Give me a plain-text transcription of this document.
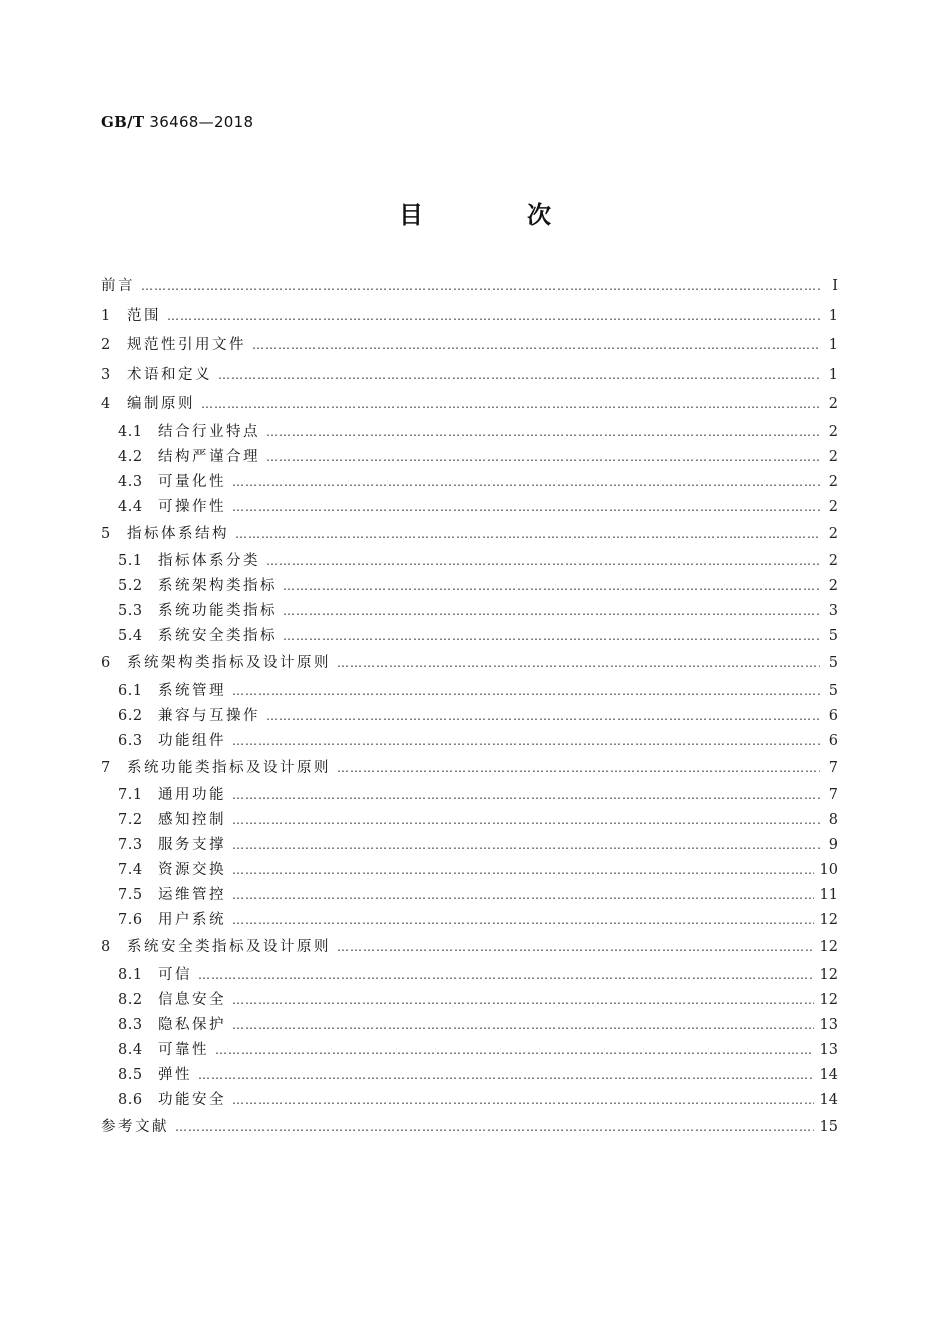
GB/T 36468—2018
目　次
前言 …………………………………………………………………………………………………………………………………………………………………………………………………………………………………	Ⅰ
1	范围 …………………………………………………………………………………………………………………………………………………………………………………………………………………………………	1
2	规范性引用文件 …………………………………………………………………………………………………………………………………………………………………………………………………………………………………	1
3	术语和定义 …………………………………………………………………………………………………………………………………………………………………………………………………………………………………	1
4	编制原则 …………………………………………………………………………………………………………………………………………………………………………………………………………………………………	2
4.1	结合行业特点 …………………………………………………………………………………………………………………………………………………………………………………………………………………………………	2
4.2	结构严谨合理 …………………………………………………………………………………………………………………………………………………………………………………………………………………………………	2
4.3	可量化性 …………………………………………………………………………………………………………………………………………………………………………………………………………………………………	2
4.4	可操作性 …………………………………………………………………………………………………………………………………………………………………………………………………………………………………	2
5	指标体系结构 …………………………………………………………………………………………………………………………………………………………………………………………………………………………………	2
5.1	指标体系分类 …………………………………………………………………………………………………………………………………………………………………………………………………………………………………	2
5.2	系统架构类指标 …………………………………………………………………………………………………………………………………………………………………………………………………………………………………	2
5.3	系统功能类指标 …………………………………………………………………………………………………………………………………………………………………………………………………………………………………	3
5.4	系统安全类指标 …………………………………………………………………………………………………………………………………………………………………………………………………………………………………	5
6	系统架构类指标及设计原则 …………………………………………………………………………………………………………………………………………………………………………………………………………………………………	5
6.1	系统管理 …………………………………………………………………………………………………………………………………………………………………………………………………………………………………	5
6.2	兼容与互操作 …………………………………………………………………………………………………………………………………………………………………………………………………………………………………	6
6.3	功能组件 …………………………………………………………………………………………………………………………………………………………………………………………………………………………………	6
7	系统功能类指标及设计原则 …………………………………………………………………………………………………………………………………………………………………………………………………………………………………	7
7.1	通用功能 …………………………………………………………………………………………………………………………………………………………………………………………………………………………………	7
7.2	感知控制 …………………………………………………………………………………………………………………………………………………………………………………………………………………………………	8
7.3	服务支撑 …………………………………………………………………………………………………………………………………………………………………………………………………………………………………	9
7.4	资源交换 …………………………………………………………………………………………………………………………………………………………………………………………………………………………………	10
7.5	运维管控 …………………………………………………………………………………………………………………………………………………………………………………………………………………………………	11
7.6	用户系统 …………………………………………………………………………………………………………………………………………………………………………………………………………………………………	12
8	系统安全类指标及设计原则 …………………………………………………………………………………………………………………………………………………………………………………………………………………………………	12
8.1	可信 …………………………………………………………………………………………………………………………………………………………………………………………………………………………………	12
8.2	信息安全 …………………………………………………………………………………………………………………………………………………………………………………………………………………………………	12
8.3	隐私保护 …………………………………………………………………………………………………………………………………………………………………………………………………………………………………	13
8.4	可靠性 …………………………………………………………………………………………………………………………………………………………………………………………………………………………………	13
8.5	弹性 …………………………………………………………………………………………………………………………………………………………………………………………………………………………………	14
8.6	功能安全 …………………………………………………………………………………………………………………………………………………………………………………………………………………………………	14
参考文献 …………………………………………………………………………………………………………………………………………………………………………………………………………………………………	15
